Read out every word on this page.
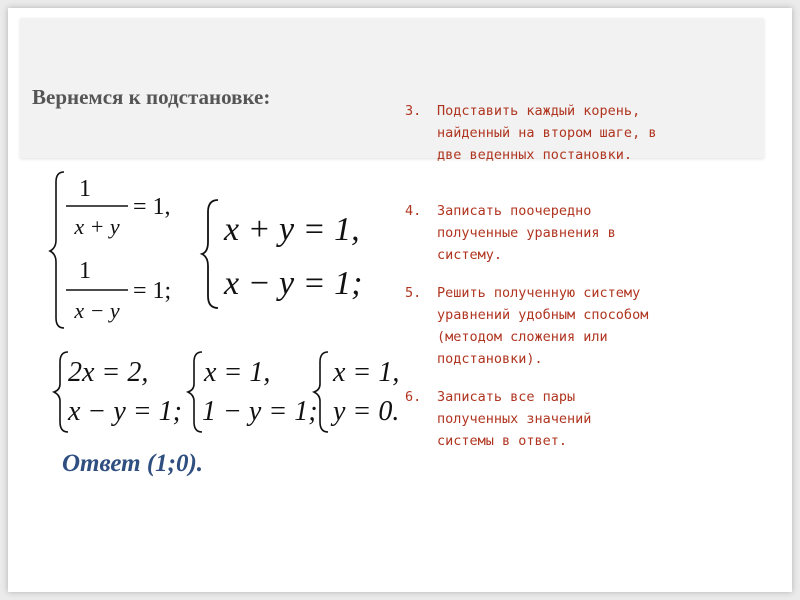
Вернемся к подстановке:
3.	Подставить каждый корень,
найденный на втором шаге, в
две веденных постановки.
4.	Записать поочередно
полученные уравнения в
систему.
5.	Решить полученную систему
уравнений удобным способом
(методом сложения или
подстановки).
6.	Записать все пары
полученных значений
системы в ответ.
1
x + y
= 1,
1
x − y
= 1;
x + y = 1,
x − y = 1;
2x = 2,
x − y = 1;
x = 1,
1 − y = 1;
x = 1,
y = 0.
Ответ (1;0).
